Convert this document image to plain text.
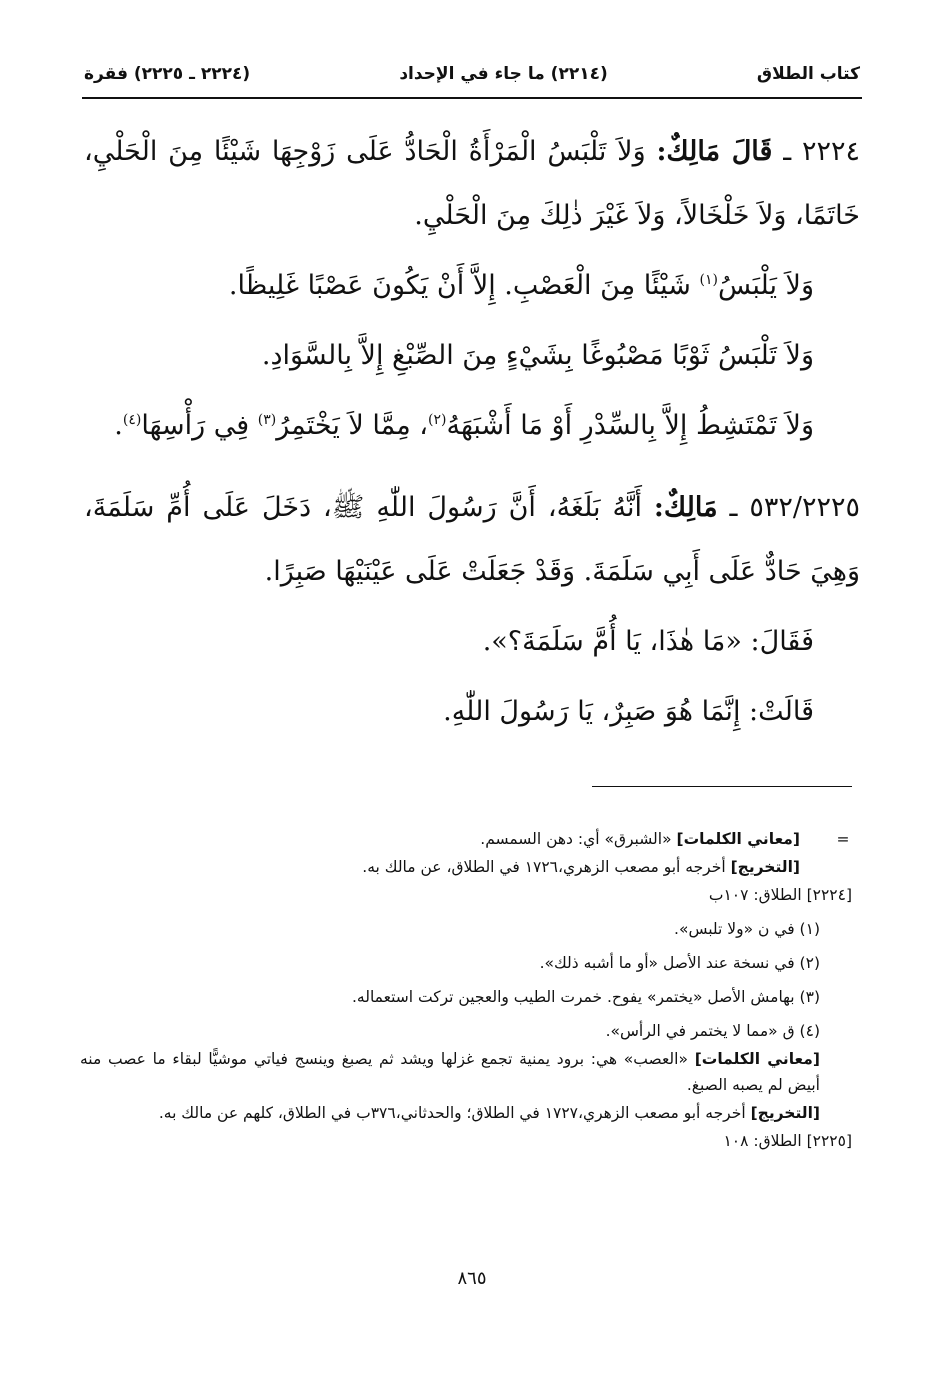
كتاب الطلاق
(٢٢١٤) ما جاء في الإحداد
(٢٢٢٤ ـ ٢٢٢٥) فقرة

٢٢٢٤ ـ قَالَ مَالِكٌ: وَلاَ تَلْبَسُ الْمَرْأَةُ الْحَادُّ عَلَى زَوْجِهَا شَيْئًا مِنَ الْحَلْيِ، خَاتَمًا، وَلاَ خَلْخَالاً، وَلاَ غَيْرَ ذٰلِكَ مِنَ الْحَلْيِ.

وَلاَ يَلْبَسُ$^{(١)}$ شَيْئًا مِنَ الْعَصْبِ. إِلاَّ أَنْ يَكُونَ عَصْبًا غَلِيظًا.

وَلاَ تَلْبَسُ ثَوْبًا مَصْبُوغًا بِشَيْءٍ مِنَ الصِّبْغِ إِلاَّ بِالسَّوَادِ.

وَلاَ تَمْتَشِطُ إِلاَّ بِالسِّدْرِ أَوْ مَا أَشْبَهَهُ$^{(٢)}$، مِمَّا لاَ يَخْتَمِرُ$^{(٣)}$ فِي رَأْسِهَا$^{(٤)}$.

٥٣٢/٢٢٢٥ ـ مَالِكٌ: أَنَّهُ بَلَغَهُ، أَنَّ رَسُولَ اللّٰهِ ﷺ، دَخَلَ عَلَى أُمِّ سَلَمَةَ، وَهِيَ حَادٌّ عَلَى أَبِي سَلَمَةَ. وَقَدْ جَعَلَتْ عَلَى عَيْنَيْهَا صَبِرًا.

فَقَالَ: «مَا هٰذَا، يَا أُمَّ سَلَمَةَ؟».

قَالَتْ: إِنَّمَا هُوَ صَبِرٌ، يَا رَسُولَ اللّٰهِ.

=
[معاني الكلمات] «الشبرق» أي: دهن السمسم.
[التخريج] أخرجه أبو مصعب الزهري،١٧٢٦ في الطلاق، عن مالك به.
[٢٢٢٤] الطلاق: ١٠٧ب
(١) في ن «ولا تلبس».
(٢) في نسخة عند الأصل «أو ما أشبه ذلك».
(٣) بهامش الأصل «يختمر» يفوح. خمرت الطيب والعجين تركت استعماله.
(٤) ق «مما لا يختمر في الرأس».
[معاني الكلمات] «العصب» هي: برود يمنية تجمع غزلها ويشد ثم يصبغ وينسج فياتي موشيًّا لبقاء ما عصب منه أبيض لم يصبه الصبغ.
[التخريج] أخرجه أبو مصعب الزهري،١٧٢٧ في الطلاق؛ والحدثاني،٣٧٦ب في الطلاق، كلهم عن مالك به.
[٢٢٢٥] الطلاق: ١٠٨
٨٦٥
